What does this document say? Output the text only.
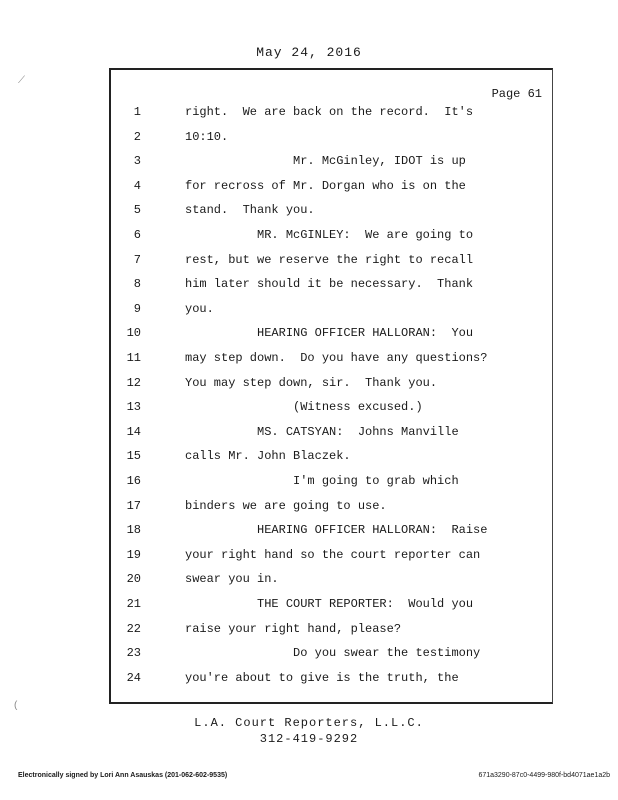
May 24, 2016
⟋
(
Page 61
1	right.  We are back on the record.  It's
2	10:10.
3	Mr. McGinley, IDOT is up
4	for recross of Mr. Dorgan who is on the
5	stand.  Thank you.
6	MR. McGINLEY:  We are going to
7	rest, but we reserve the right to recall
8	him later should it be necessary.  Thank
9	you.
10	HEARING OFFICER HALLORAN:  You
11	may step down.  Do you have any questions?
12	You may step down, sir.  Thank you.
13	(Witness excused.)
14	MS. CATSYAN:  Johns Manville
15	calls Mr. John Blaczek.
16	I'm going to grab which
17	binders we are going to use.
18	HEARING OFFICER HALLORAN:  Raise
19	your right hand so the court reporter can
20	swear you in.
21	THE COURT REPORTER:  Would you
22	raise your right hand, please?
23	Do you swear the testimony
24	you're about to give is the truth, the
L.A. Court Reporters, L.L.C.
312-419-9292
Electronically signed by Lori Ann Asauskas (201-062-602-9535)	671a3290-87c0-4499-980f-bd4071ae1a2b
